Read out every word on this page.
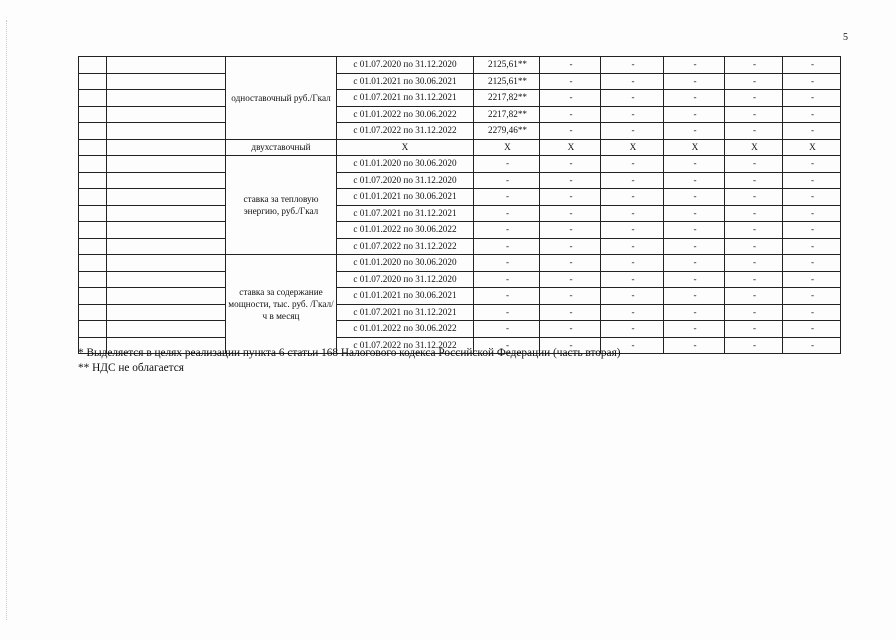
5
		одноставочный руб./Гкал	с 01.07.2020 по 31.12.2020	2125,61**	-	-	-	-	-
			с 01.01.2021 по 30.06.2021	2125,61**	-	-	-	-	-
			с 01.07.2021 по 31.12.2021	2217,82**	-	-	-	-	-
			с 01.01.2022 по 30.06.2022	2217,82**	-	-	-	-	-
			с 01.07.2022 по 31.12.2022	2279,46**	-	-	-	-	-
		двухставочный	X	X	X	X	X	X	X
		ставка за тепловую энергию, руб./Гкал	с 01.01.2020 по 30.06.2020	-	-	-	-	-	-
			с 01.07.2020 по 31.12.2020	-	-	-	-	-	-
			с 01.01.2021 по 30.06.2021	-	-	-	-	-	-
			с 01.07.2021 по 31.12.2021	-	-	-	-	-	-
			с 01.01.2022 по 30.06.2022	-	-	-	-	-	-
			с 01.07.2022 по 31.12.2022	-	-	-	-	-	-
		ставка за содержание мощности, тыс. руб. /Гкал/ч в месяц	с 01.01.2020 по 30.06.2020	-	-	-	-	-	-
			с 01.07.2020 по 31.12.2020	-	-	-	-	-	-
			с 01.01.2021 по 30.06.2021	-	-	-	-	-	-
			с 01.07.2021 по 31.12.2021	-	-	-	-	-	-
			с 01.01.2022 по 30.06.2022	-	-	-	-	-	-
			с 01.07.2022 по 31.12.2022	-	-	-	-	-	-
* Выделяется в целях реализации пункта 6 статьи 168 Налогового кодекса Российской Федерации (часть вторая)
** НДС не облагается
